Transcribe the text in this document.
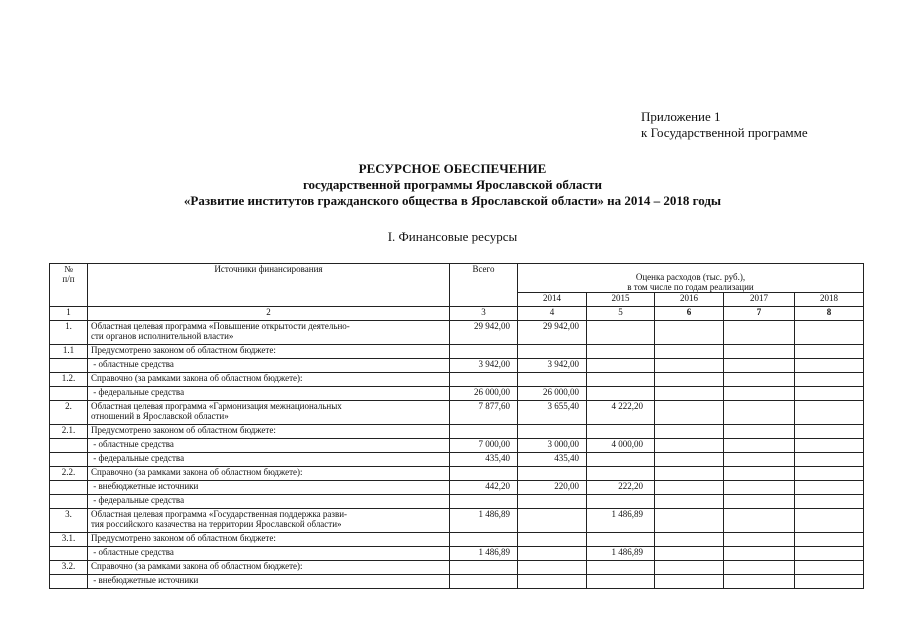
Приложение 1
к Государственной программе
РЕСУРСНОЕ ОБЕСПЕЧЕНИЕ
государственной программы Ярославской области
«Развитие институтов гражданского общества в Ярославской области» на 2014 – 2018 годы
I. Финансовые ресурсы
№
п/п	Источники финансирования	Всего	Оценка расходов (тыс. руб.),
в том числе по годам реализации				
			2014	2015	2016	2017	2018
1	2	3	4	5	6	7	8
1.	Областная целевая программа «Повышение открытости деятельно-
сти органов исполнительной власти»	29 942,00	29 942,00				
1.1	Предусмотрено законом об областном бюджете:						
	- областные средства	3 942,00	3 942,00				
1.2.	Справочно (за рамками закона об областном бюджете):						
	- федеральные средства	26 000,00	26 000,00				
2.	Областная целевая программа «Гармонизация межнациональных
отношений в Ярославской области»	7 877,60	3 655,40	4 222,20			
2.1.	Предусмотрено законом об областном бюджете:						
	- областные средства	7 000,00	3 000,00	4 000,00			
	- федеральные средства	435,40	435,40				
2.2.	Справочно (за рамками закона об областном бюджете):						
	- внебюджетные источники	442,20	220,00	222,20			
	- федеральные средства						
3.	Областная целевая программа «Государственная поддержка разви-
тия российского казачества на территории Ярославской области»	1 486,89		1 486,89			
3.1.	Предусмотрено законом об областном бюджете:						
	- областные средства	1 486,89		1 486,89			
3.2.	Справочно (за рамками закона об областном бюджете):						
	- внебюджетные источники						
